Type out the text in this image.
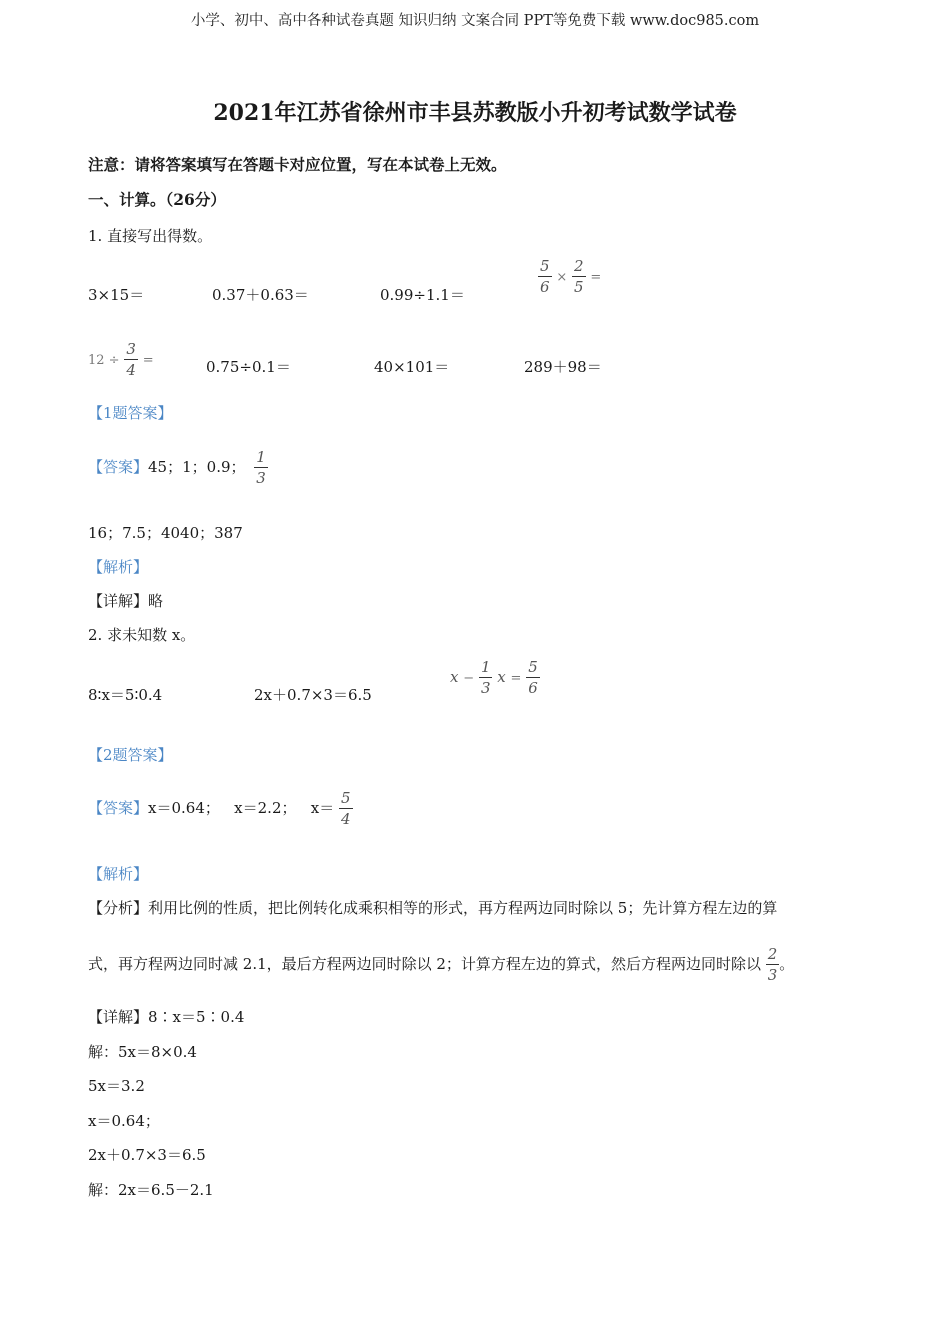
小学、初中、高中各种试卷真题 知识归纳 文案合同 PPT等免费下载 www.doc985.com
2021年江苏省徐州市丰县苏教版小升初考试数学试卷
注意：请将答案填写在答题卡对应位置，写在本试卷上无效。
一、计算。（26分）
1. 直接写出得数。
3×15＝	0.37＋0.63＝	0.99÷1.1＝	$\frac{5}{6} \times \frac{2}{5}$ =
$12 \div \frac{3}{4}$ =	0.75÷0.1＝	40×101＝	289＋98＝
【1题答案】
【答案】45；1；0.9； $\frac{1}{3}$
16；7.5；4040；387
【解析】
【详解】略
2. 求未知数 x。
8∶x＝5∶0.4	2x＋0.7×3＝6.5
$x - \frac{1}{3}$ $x = \frac{5}{6}$
【2题答案】
【答案】x＝0.64；   x＝2.2；   $x= \frac{5}{4}$
【解析】
【分析】利用比例的性质，把比例转化成乘积相等的形式，再方程两边同时除以 5；先计算方程左边的算
式，再方程两边同时减 2.1，最后方程两边同时除以 2；计算方程左边的算式，然后方程两边同时除以 $\frac{2}{3}$ 。
【详解】8∶x＝5∶0.4
解：5x＝8×0.4
5x＝3.2
x＝0.64；
2x＋0.7×3＝6.5
解：2x＝6.5－2.1
